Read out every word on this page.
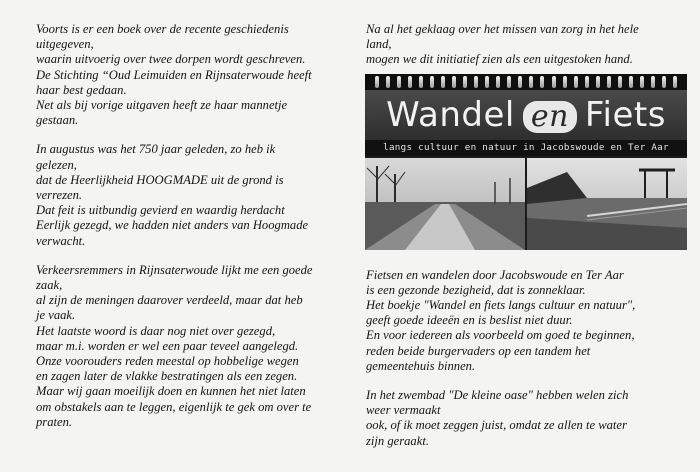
Voorts is er een boek over de recente geschiedenis
uitgegeven,
waarin uitvoerig over twee dorpen wordt geschreven.
De Stichting “Oud Leimuiden en Rijnsaterwoude heeft
haar best gedaan.
Net als bij vorige uitgaven heeft ze haar mannetje
gestaan.
In augustus was het 750 jaar geleden, zo heb ik
gelezen,
dat de Heerlijkheid HOOGMADE uit de grond is
verrezen.
Dat feit is uitbundig gevierd en waardig herdacht
Eerlijk gezegd, we hadden niet anders van Hoogmade
verwacht.
Verkeersremmers in Rijnsaterwoude lijkt me een goede
zaak,
al zijn de meningen daarover verdeeld, maar dat heb
je vaak.
Het laatste woord is daar nog niet over gezegd,
maar m.i. worden er wel een paar teveel aangelegd.
Onze voorouders reden meestal op hobbelige wegen
en zagen later de vlakke bestratingen als een zegen.
Maar wij gaan moeilijk doen en kunnen het niet laten
om obstakels aan te leggen, eigenlijk te gek om over te
praten.
Na al het geklaag over het missen van zorg in het hele
land,
mogen we dit initiatief zien als een uitgestoken hand.
Wandel en Fiets
langs cultuur en natuur in Jacobswoude en Ter Aar
Fietsen en wandelen door Jacobswoude en Ter Aar
is een gezonde bezigheid, dat is zonneklaar.
Het boekje "Wandel en fiets langs cultuur en natuur",
geeft goede ideeën en is beslist niet duur.
En voor iedereen als voorbeeld om goed te beginnen,
reden beide burgervaders op een tandem het
gemeentehuis binnen.
In het zwembad "De kleine oase" hebben welen zich
weer vermaakt
ook, of ik moet zeggen juist, omdat ze allen te water
zijn geraakt.
